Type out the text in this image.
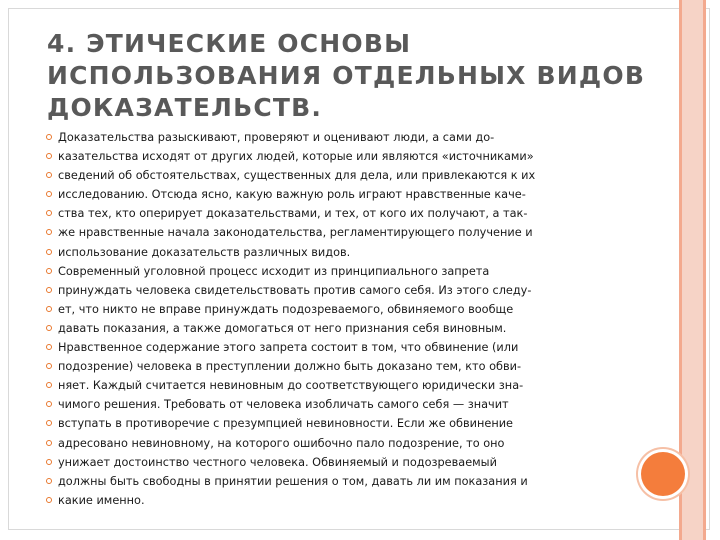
4. ЭТИЧЕСКИЕ ОСНОВЫ ИСПОЛЬЗОВАНИЯ ОТДЕЛЬНЫХ ВИДОВ ДОКАЗАТЕЛЬСТВ.
Доказательства разыскивают, проверяют и оценивают люди, а сами до-
казательства исходят от других людей, которые или являются «источниками»
сведений об обстоятельствах, существенных для дела, или привлекаются к их
исследованию. Отсюда ясно, какую важную роль играют нравственные каче-
ства тех, кто оперирует доказательствами, и тех, от кого их получают, а так-
же нравственные начала законодательства, регламентирующего получение и
использование доказательств различных видов.
Современный уголовной процесс исходит из принципиального запрета
принуждать человека свидетельствовать против самого себя. Из этого следу-
ет, что никто не вправе принуждать подозреваемого, обвиняемого вообще
давать показания, а также домогаться от него признания себя виновным.
Нравственное содержание этого запрета состоит в том, что обвинение (или
подозрение) человека в преступлении должно быть доказано тем, кто обви-
няет. Каждый считается невиновным до соответствующего юридически зна-
чимого решения. Требовать от человека изобличать самого себя — значит
вступать в противоречие с презумпцией невиновности. Если же обвинение
адресовано невиновному, на которого ошибочно пало подозрение, то оно
унижает достоинство честного человека. Обвиняемый и подозреваемый
должны быть свободны в принятии решения о том, давать ли им показания и
какие именно.
